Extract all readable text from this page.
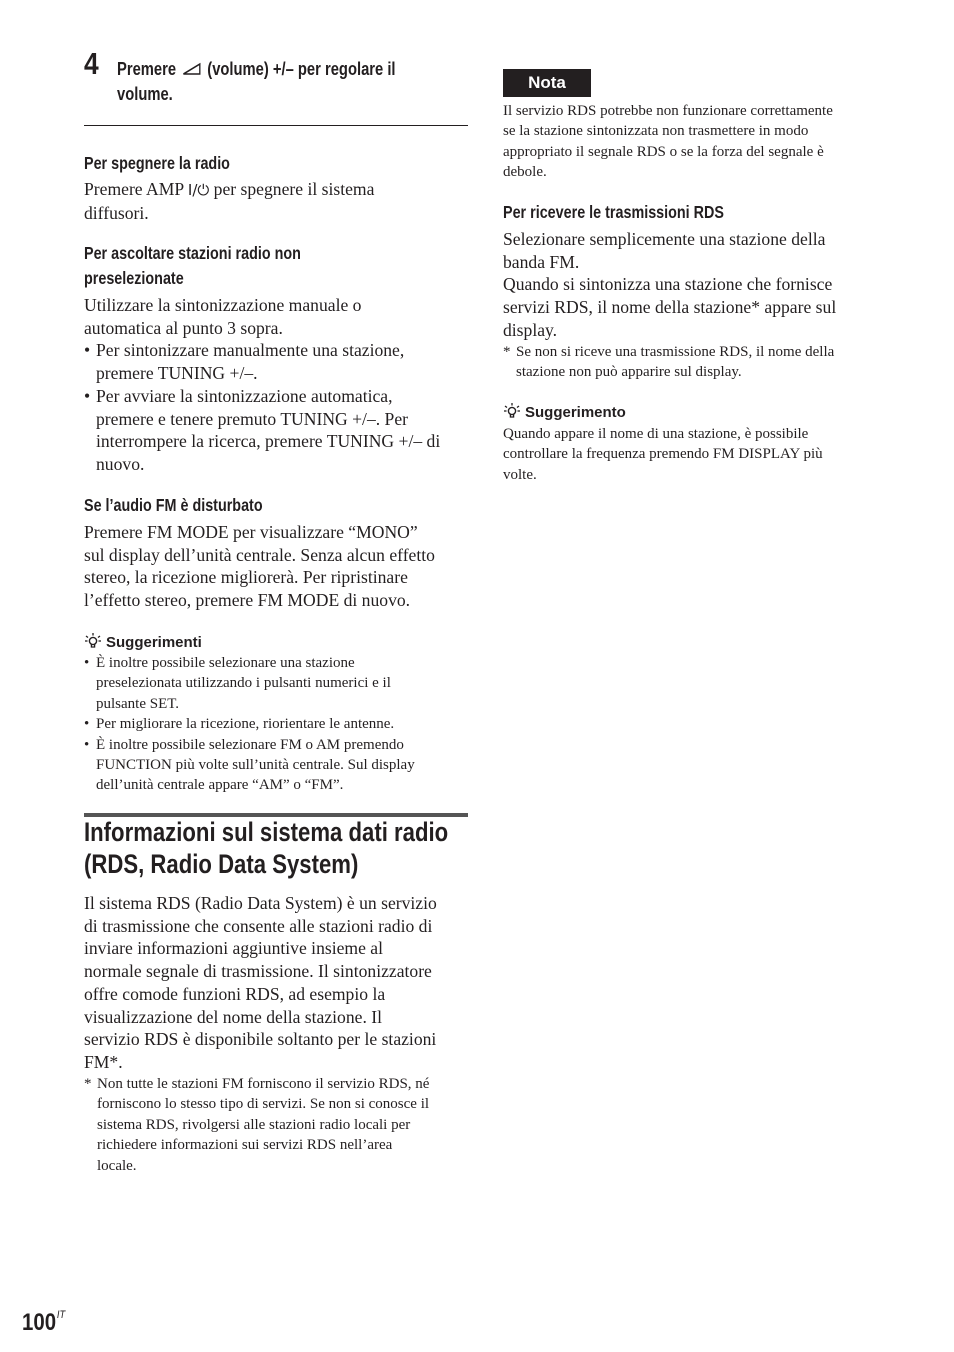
4 Premere (volume) +/– per regolare il
volume.
Per spegnere la radio
Premere AMP I/⏻ per spegnere il sistema
diffusori.
Per ascoltare stazioni radio non
preselezionate
Utilizzare la sintonizzazione manuale o
automatica al punto 3 sopra.
• Per sintonizzare manualmente una stazione,
premere TUNING +/–.
• Per avviare la sintonizzazione automatica,
premere e tenere premuto TUNING +/–. Per
interrompere la ricerca, premere TUNING +/– di
nuovo.
Se l’audio FM è disturbato
Premere FM MODE per visualizzare “MONO”
sul display dell’unità centrale. Senza alcun effetto
stereo, la ricezione migliorerà. Per ripristinare
l’effetto stereo, premere FM MODE di nuovo.
Suggerimenti
• È inoltre possibile selezionare una stazione
preselezionata utilizzando i pulsanti numerici e il
pulsante SET.
• Per migliorare la ricezione, riorientare le antenne.
• È inoltre possibile selezionare FM o AM premendo
FUNCTION più volte sull’unità centrale. Sul display
dell’unità centrale appare “AM” o “FM”.
Informazioni sul sistema dati radio
(RDS, Radio Data System)
Il sistema RDS (Radio Data System) è un servizio
di trasmissione che consente alle stazioni radio di
inviare informazioni aggiuntive insieme al
normale segnale di trasmissione. Il sintonizzatore
offre comode funzioni RDS, ad esempio la
visualizzazione del nome della stazione. Il
servizio RDS è disponibile soltanto per le stazioni
FM*.
* Non tutte le stazioni FM forniscono il servizio RDS, né
forniscono lo stesso tipo di servizi. Se non si conosce il
sistema RDS, rivolgersi alle stazioni radio locali per
richiedere informazioni sui servizi RDS nell’area
locale.
Nota
Il servizio RDS potrebbe non funzionare correttamente
se la stazione sintonizzata non trasmettere in modo
appropriato il segnale RDS o se la forza del segnale è
debole.
Per ricevere le trasmissioni RDS
Selezionare semplicemente una stazione della
banda FM.
Quando si sintonizza una stazione che fornisce
servizi RDS, il nome della stazione* appare sul
display.
* Se non si riceve una trasmissione RDS, il nome della
stazione non può apparire sul display.
Suggerimento
Quando appare il nome di una stazione, è possibile
controllare la frequenza premendo FM DISPLAY più
volte.
$100^{IT}$
